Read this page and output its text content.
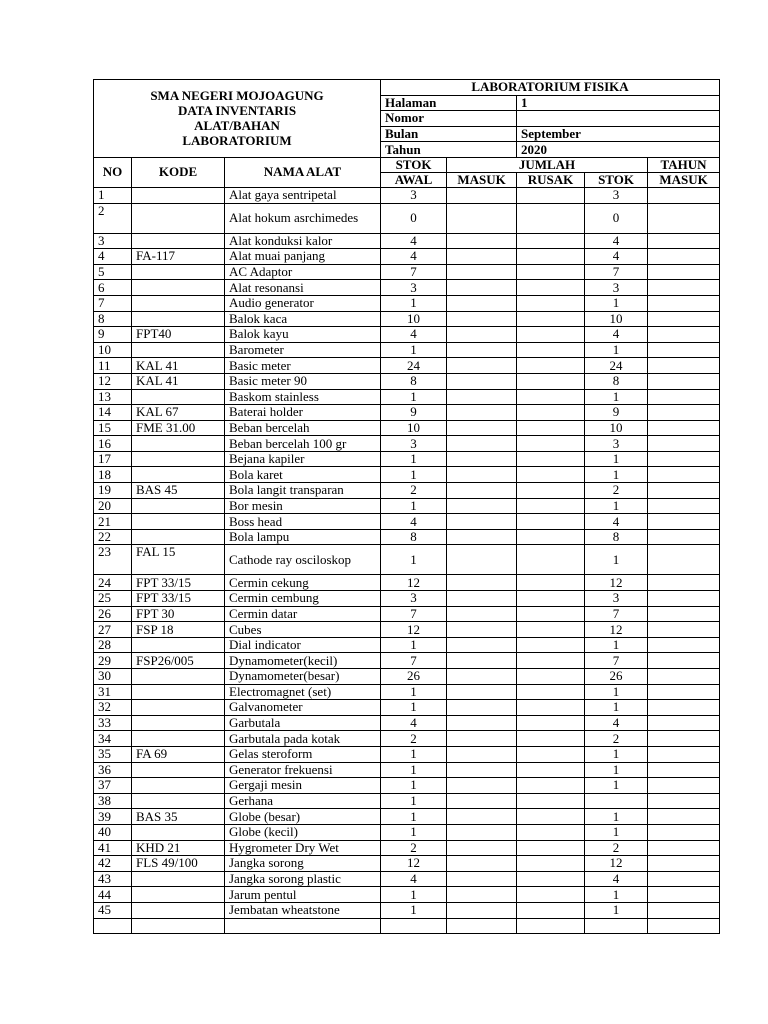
SMA NEGERI MOJOAGUNG
DATA INVENTARIS
ALAT/BAHAN
LABORATORIUM			LABORATORIUM FISIKA				
			Halaman		1		
			Nomor				
			Bulan		September		
			Tahun		2020		
NO	KODE	NAMA ALAT	STOK	JUMLAH			TAHUN
			AWAL	MASUK	RUSAK	STOK	MASUK
1		Alat gaya sentripetal	3			3	
2		Alat hokum asrchimedes	0			0	
3		Alat konduksi kalor	4			4	
4	FA-117	Alat muai panjang	4			4	
5		AC Adaptor	7			7	
6		Alat resonansi	3			3	
7		Audio generator	1			1	
8		Balok kaca	10			10	
9	FPT40	Balok kayu	4			4	
10		Barometer	1			1	
11	KAL 41	Basic meter	24			24	
12	KAL 41	Basic meter 90	8			8	
13		Baskom stainless	1			1	
14	KAL 67	Baterai holder	9			9	
15	FME 31.00	Beban bercelah	10			10	
16		Beban bercelah 100 gr	3			3	
17		Bejana kapiler	1			1	
18		Bola karet	1			1	
19	BAS 45	Bola langit transparan	2			2	
20		Bor mesin	1			1	
21		Boss head	4			4	
22		Bola lampu	8			8	
23	FAL 15	Cathode ray osciloskop	1			1	
24	FPT 33/15	Cermin cekung	12			12	
25	FPT 33/15	Cermin cembung	3			3	
26	FPT 30	Cermin datar	7			7	
27	FSP 18	Cubes	12			12	
28		Dial indicator	1			1	
29	FSP26/005	Dynamometer(kecil)	7			7	
30		Dynamometer(besar)	26			26	
31		Electromagnet (set)	1			1	
32		Galvanometer	1			1	
33		Garbutala	4			4	
34		Garbutala pada kotak	2			2	
35	FA 69	Gelas steroform	1			1	
36		Generator frekuensi	1			1	
37		Gergaji mesin	1			1	
38		Gerhana	1				
39	BAS 35	Globe (besar)	1			1	
40		Globe (kecil)	1			1	
41	KHD 21	Hygrometer Dry Wet	2			2	
42	FLS 49/100	Jangka sorong	12			12	
43		Jangka sorong plastic	4			4	
44		Jarum pentul	1			1	
45		Jembatan wheatstone	1			1	
